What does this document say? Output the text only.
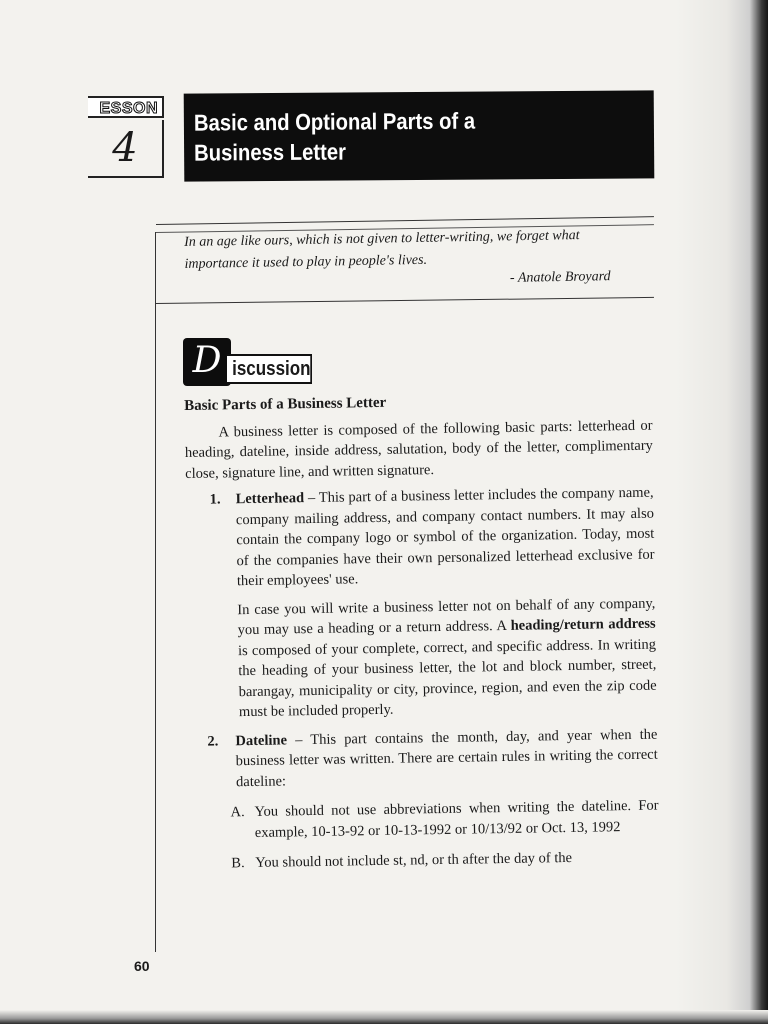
ESSON
4
Basic and Optional Parts of a
Business Letter
In an age like ours, which is not given to letter-writing, we forget what importance it used to play in people's lives.
- Anatole Broyard
D iscussion
Basic Parts of a Business Letter

A business letter is composed of the following basic parts: letterhead or heading, dateline, inside address, salutation, body of the letter, complimentary close, signature line, and written signature.

1. Letterhead – This part of a business letter includes the company name, company mailing address, and company contact numbers. It may also contain the company logo or symbol of the organization. Today, most of the companies have their own personalized letterhead exclusive for their employees' use.
In case you will write a business letter not on behalf of any company, you may use a heading or a return address. A heading/return address is composed of your complete, correct, and specific address. In writing the heading of your business letter, the lot and block number, street, barangay, municipality or city, province, region, and even the zip code must be included properly.
2. Dateline – This part contains the month, day, and year when the business letter was written. There are certain rules in writing the correct dateline:
A. You should not use abbreviations when writing the dateline. For example, 10-13-92 or 10-13-1992 or 10/13/92 or Oct. 13, 1992
B. You should not include st, nd, or th after the day of the
60
